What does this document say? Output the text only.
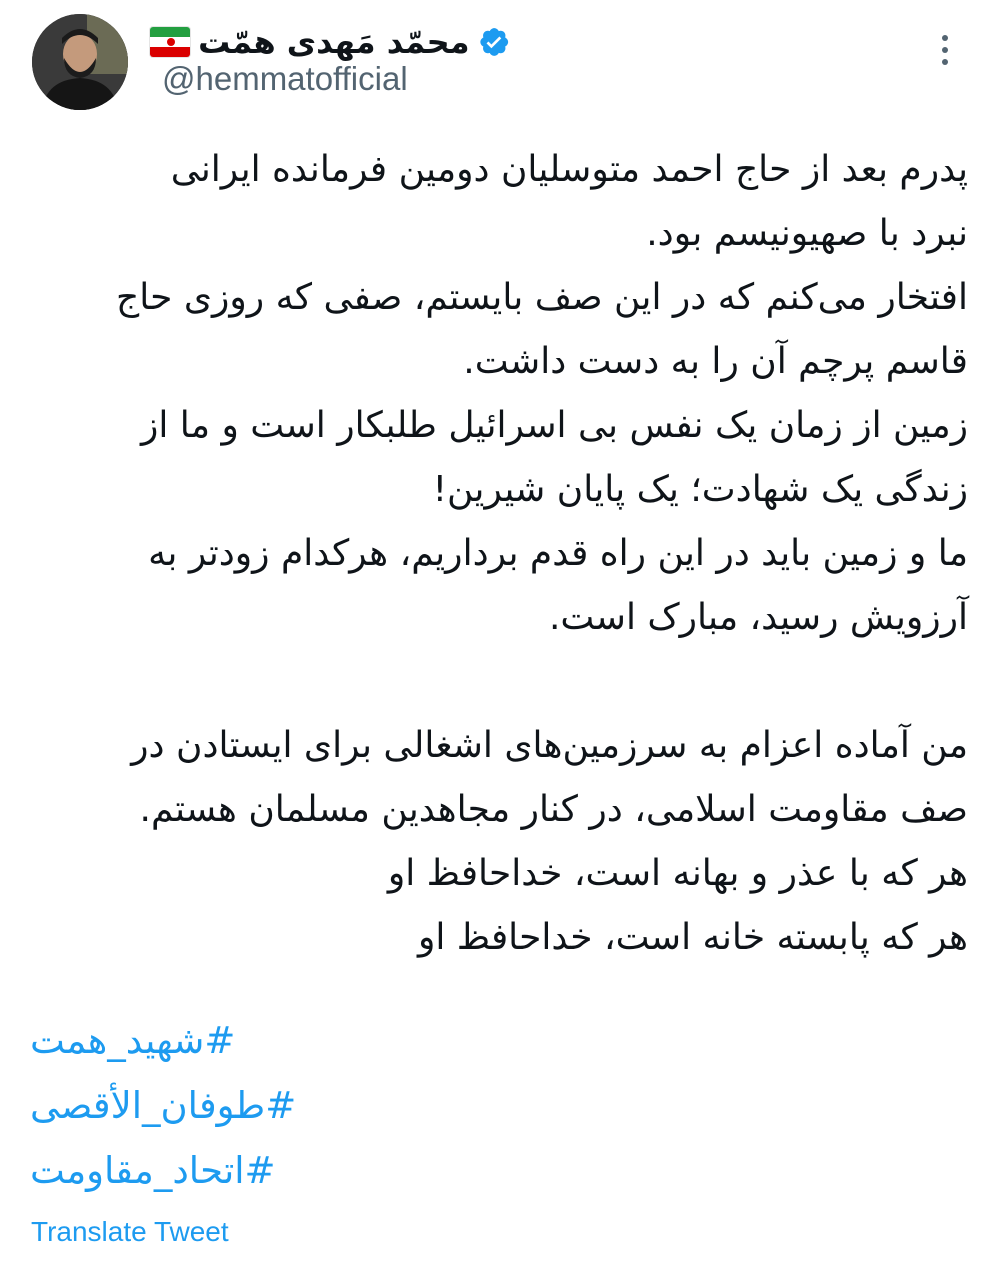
محمّد مَهدی همّت
@hemmatofficial

پدرم بعد از حاج احمد متوسلیان دومین فرمانده ایرانی

نبرد با صهیونیسم بود.

افتخار می‌کنم که در این صف بایستم، صفی که روزی حاج

قاسم پرچم آن را به دست داشت.

زمین از زمان یک نفس بی اسرائیل طلبکار است و ما از

زندگی یک شهادت؛ یک پایان شیرین!

ما و زمین باید در این راه قدم برداریم، هرکدام زودتر به

آرزویش رسید، مبارک است.

من آماده اعزام به سرزمین‌های اشغالی برای ایستادن در

صف مقاومت اسلامی، در کنار مجاهدین مسلمان هستم.

هر که با عذر و بهانه است، خداحافظ او

هر که پابسته خانه است، خداحافظ او

#شهید_همت
#طوفان_الأقصی
#اتحاد_مقاومت
Translate Tweet
